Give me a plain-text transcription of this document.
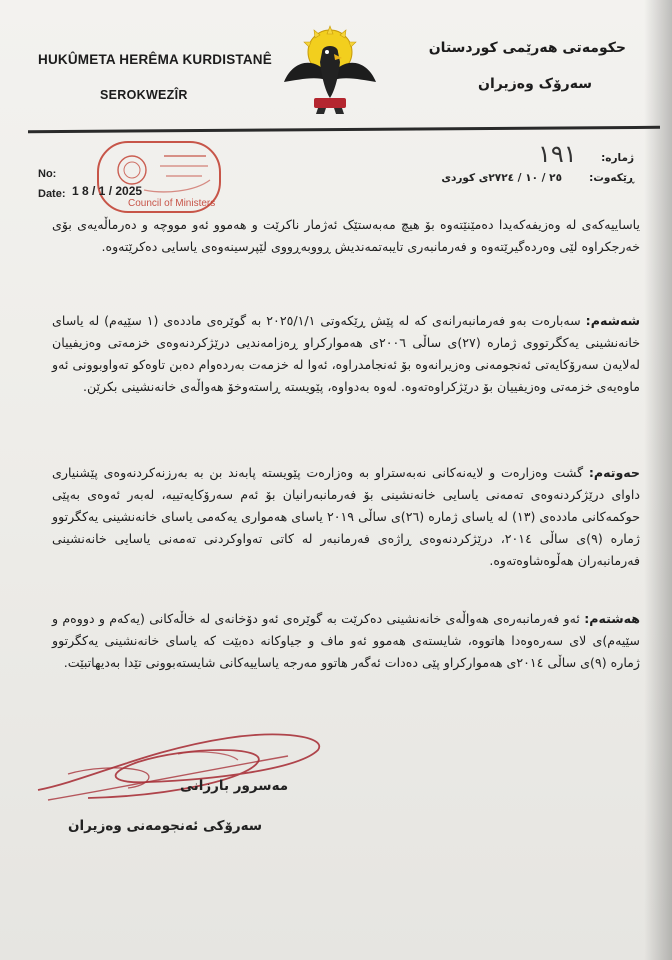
HUKÛMETA HERÊMA KURDISTANÊ
SEROKWEZÎR
حکومەتی هەرێمی کوردستان
سەرۆک وەزیران
No:
Date:
Council of Ministers
1 8 / 1 / 2025
١٩١ ژمارە:
ڕێکەوت:
٢٥ / ١٠ / ٢٧٢٤ی کوردی
یاساییەکەی لە وەزیفەکەیدا دەمێنێتەوە بۆ هیچ مەبەستێک ئەژمار ناکرێت و هەموو ئەو مووچە و دەرماڵەیەی بۆی خەرجکراوە لێی وەردەگیرێتەوە و فەرمانبەری تایبەتمەندیش ڕووبەڕووی لێپرسینەوەی یاسایی دەکرێتەوە.
شەشەم: سەبارەت بەو فەرمانبەرانەی کە لە پێش ڕێکەوتی ٢٠٢٥/١/١ بە گوێرەی ماددەی (١ سێیەم) لە یاسای خانەنشینی یەکگرتووی ژمارە (٢٧)ی ساڵی ٢٠٠٦ی هەموارکراو ڕەزامەندیی درێژکردنەوەی خزمەتی وەزیفییان لەلایەن سەرۆکایەتی ئەنجومەنی وەزیرانەوە بۆ ئەنجامدراوە، ئەوا لە خزمەت بەردەوام دەبن تاوەکو تەواوبوونی ئەو ماوەیەی خزمەتی وەزیفییان بۆ درێژکراوەتەوە. لەوە بەدواوە، پێویستە ڕاستەوخۆ هەواڵەی خانەنشینی بکرێن.
حەوتەم: گشت وەزارەت و لایەنەکانی نەبەستراو بە وەزارەت پێویستە پابەند بن بە بەرزنەکردنەوەی پێشنیاری داوای درێژکردنەوەی تەمەنی یاسایی خانەنشینی بۆ فەرمانبەرانیان بۆ ئەم سەرۆکایەتییە، لەبەر ئەوەی بەپێی حوکمەکانی ماددەی (١٣) لە یاسای ژمارە (٢٦)ی ساڵی ٢٠١٩ یاسای هەمواری یەکەمی یاسای خانەنشینی یەکگرتوو ژمارە (٩)ی ساڵی ٢٠١٤، درێژکردنەوەی ڕاژەی فەرمانبەر لە کاتی تەواوکردنی تەمەنی یاسایی خانەنشینی فەرمانبەران هەڵوەشاوەتەوە.
هەشتەم: ئەو فەرمانبەرەی هەواڵەی خانەنشینی دەکرێت بە گوێرەی ئەو دۆخانەی لە خاڵەکانی (یەکەم و دووەم و سێیەم)ی لای سەرەوەدا هاتووە، شایستەی هەموو ئەو ماف و جیاوکانە دەبێت کە یاسای خانەنشینی یەکگرتوو ژمارە (٩)ی ساڵی ٢٠١٤ی هەموارکراو پێی دەدات ئەگەر هاتوو مەرجە یاساییەکانی شایستەبوونی تێدا بەدیهاتبێت.
مەسرور بارزانی
سەرۆکی ئەنجومەنی وەزیران
